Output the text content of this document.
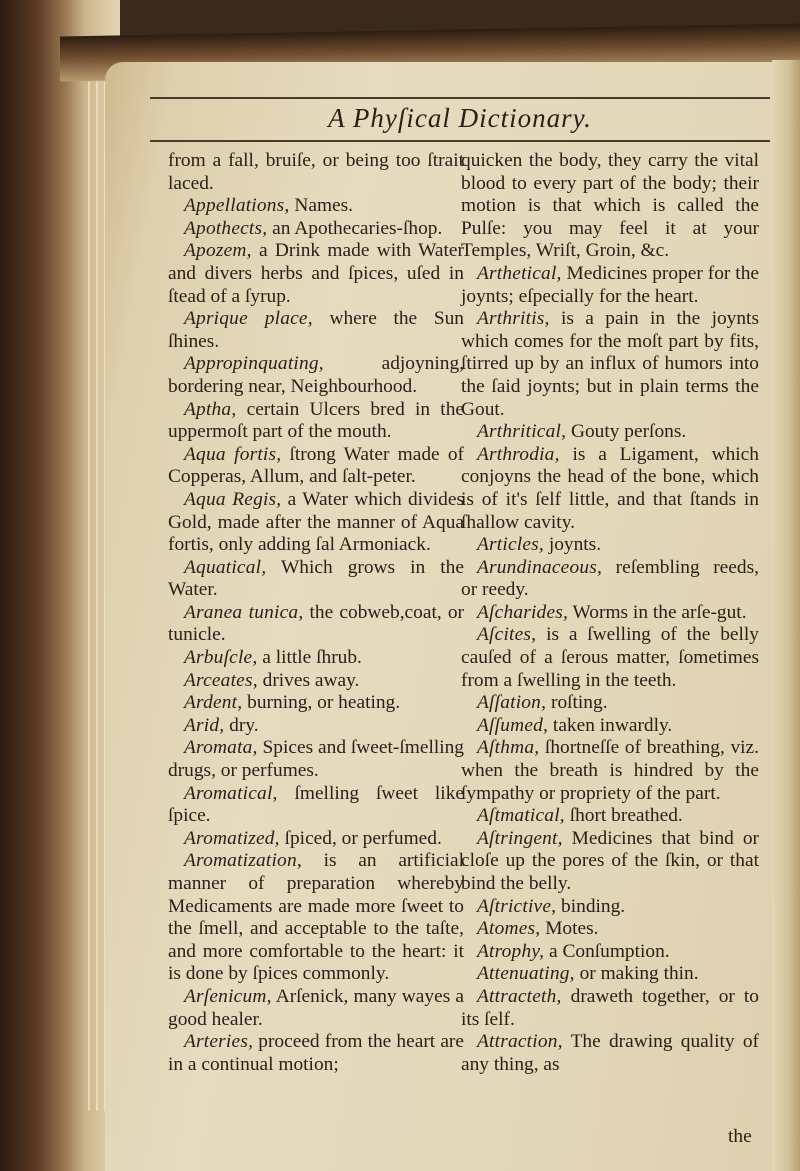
A Phyſical Dictionary.

from a fall, bruiſe, or being too ſtrait laced.

Appellations, Names.

Apothects, an Apothecaries-ſhop.

Apozem, a Drink made with Water and divers herbs and ſpices, uſed in ſtead of a ſyrup.

Aprique place, where the Sun ſhines.

Appropinquating, adjoyning, bordering near, Neighbourhood.

Aptha, certain Ulcers bred in the uppermoſt part of the mouth.

Aqua fortis, ſtrong Water made of Copperas, Allum, and ſalt-peter.

Aqua Regis, a Water which divides Gold, made after the manner of Aqua fortis, only adding ſal Armoniack.

Aquatical, Which grows in the Water.

Aranea tunica, the cobweb,coat, or tunicle.

Arbuſcle, a little ſhrub.

Arceates, drives away.

Ardent, burning, or heating.

Arid, dry.

Aromata, Spices and ſweet-ſmelling drugs, or perfumes.

Aromatical, ſmelling ſweet like ſpice.

Aromatized, ſpiced, or perfumed.

Aromatization, is an artificial manner of preparation whereby Medicaments are made more ſweet to the ſmell, and acceptable to the taſte, and more comfortable to the heart: it is done by ſpices commonly.

Arſenicum, Arſenick, many wayes a good healer.

Arteries, proceed from the heart are in a continual motion;

quicken the body, they carry the vital blood to every part of the body; their motion is that which is called the Pulſe: you may feel it at your Temples, Wriſt, Groin, &c.

Arthetical, Medicines proper for the joynts; eſpecially for the heart.

Arthritis, is a pain in the joynts which comes for the moſt part by fits, ſtirred up by an influx of humors into the ſaid joynts; but in plain terms the Gout.

Arthritical, Gouty perſons.

Arthrodia, is a Ligament, which conjoyns the head of the bone, which is of it's ſelf little, and that ſtands in ſhallow cavity.

Articles, joynts.

Arundinaceous, reſembling reeds, or reedy.

Aſcharides, Worms in the arſe-gut.

Aſcites, is a ſwelling of the belly cauſed of a ſerous matter, ſometimes from a ſwelling in the teeth.

Aſſation, roſting.

Aſſumed, taken inwardly.

Aſthma, ſhortneſſe of breathing, viz. when the breath is hindred by the ſympathy or propriety of the part.

Aſtmatical, ſhort breathed.

Aſtringent, Medicines that bind or cloſe up the pores of the ſkin, or that bind the belly.

Aſtrictive, binding.

Atomes, Motes.

Atrophy, a Conſumption.

Attenuating, or making thin.

Attracteth, draweth together, or to its ſelf.

Attraction, The drawing quality of any thing, as

the
